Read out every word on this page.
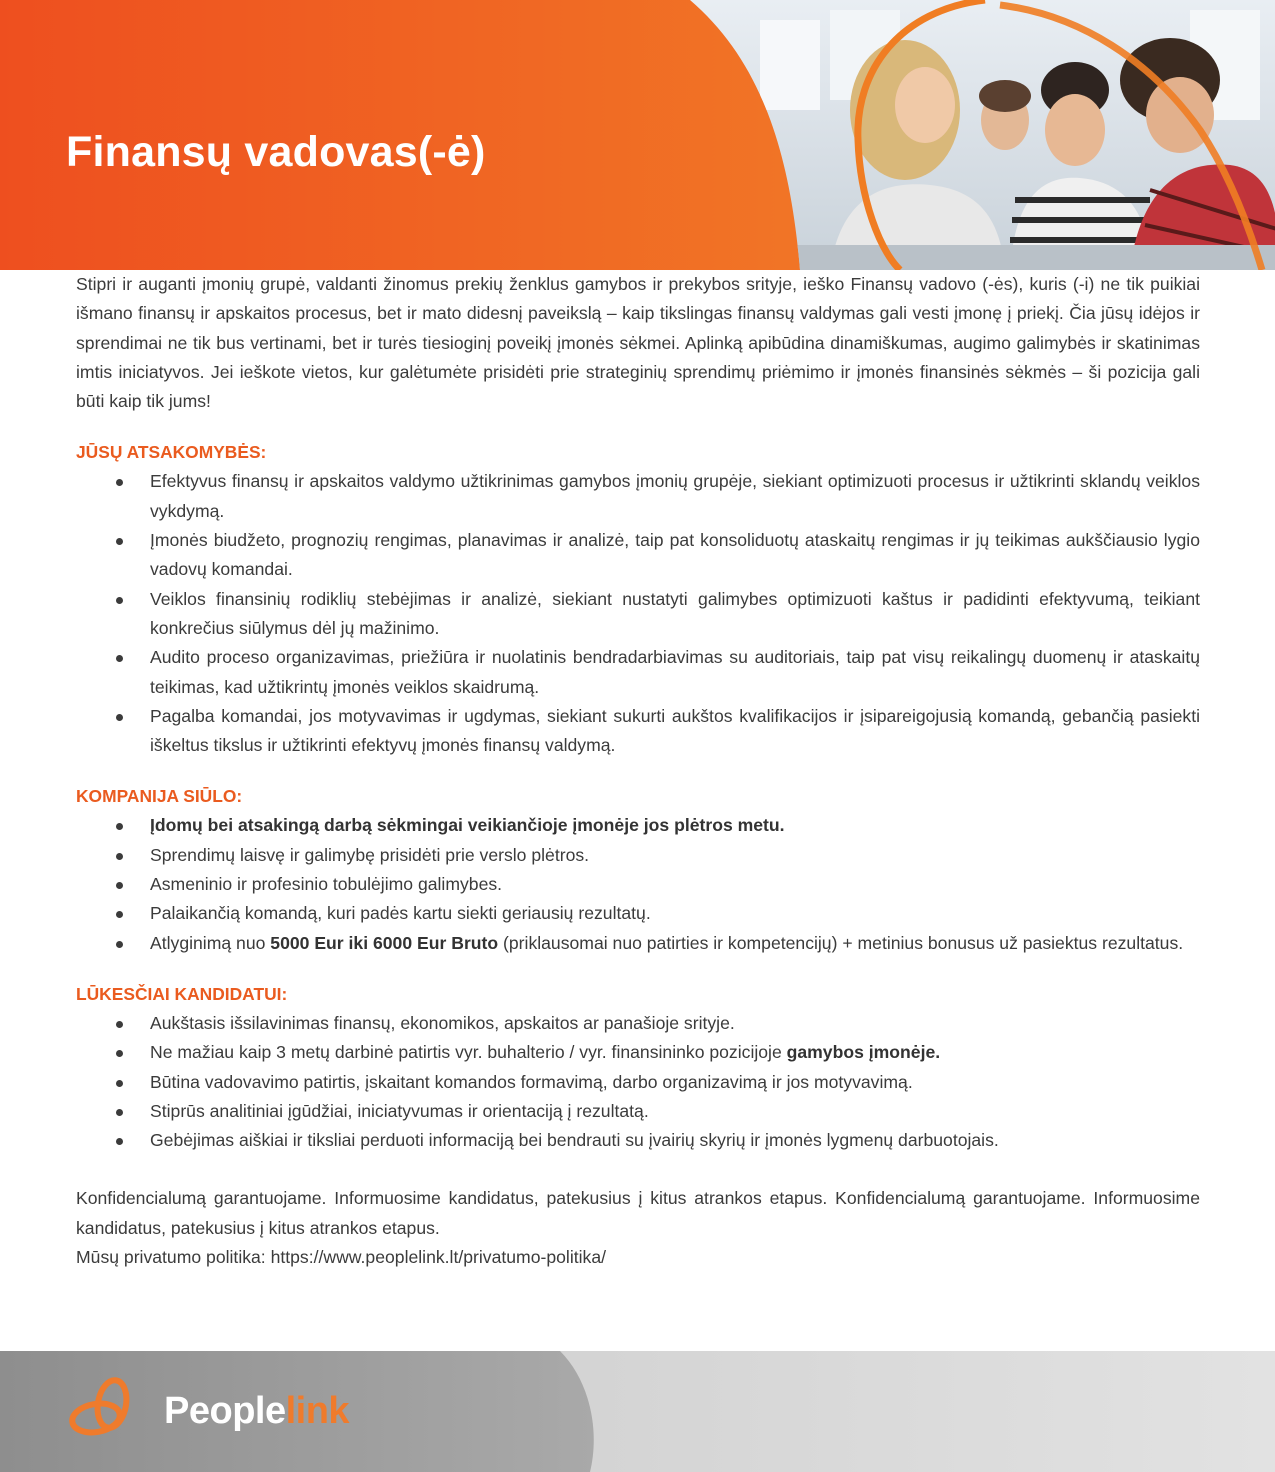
Finansų vadovas(-ė)

Stipri ir auganti įmonių grupė, valdanti žinomus prekių ženklus gamybos ir prekybos srityje, ieško Finansų vadovo (-ės), kuris (-i) ne tik puikiai išmano finansų ir apskaitos procesus, bet ir mato didesnį paveikslą – kaip tikslingas finansų valdymas gali vesti įmonę į priekį. Čia jūsų idėjos ir sprendimai ne tik bus vertinami, bet ir turės tiesioginį poveikį įmonės sėkmei. Aplinką apibūdina dinamiškumas, augimo galimybės ir skatinimas imtis iniciatyvos. Jei ieškote vietos, kur galėtumėte prisidėti prie strateginių sprendimų priėmimo ir įmonės finansinės sėkmės – ši pozicija gali būti kaip tik jums!

JŪSŲ ATSAKOMYBĖS:
Efektyvus finansų ir apskaitos valdymo užtikrinimas gamybos įmonių grupėje, siekiant optimizuoti procesus ir užtikrinti sklandų veiklos vykdymą.
Įmonės biudžeto, prognozių rengimas, planavimas ir analizė, taip pat konsoliduotų ataskaitų rengimas ir jų teikimas aukščiausio lygio vadovų komandai.
Veiklos finansinių rodiklių stebėjimas ir analizė, siekiant nustatyti galimybes optimizuoti kaštus ir padidinti efektyvumą, teikiant konkrečius siūlymus dėl jų mažinimo.
Audito proceso organizavimas, priežiūra ir nuolatinis bendradarbiavimas su auditoriais, taip pat visų reikalingų duomenų ir ataskaitų teikimas, kad užtikrintų įmonės veiklos skaidrumą.
Pagalba komandai, jos motyvavimas ir ugdymas, siekiant sukurti aukštos kvalifikacijos ir įsipareigojusią komandą, gebančią pasiekti iškeltus tikslus ir užtikrinti efektyvų įmonės finansų valdymą.
KOMPANIJA SIŪLO:
Įdomų bei atsakingą darbą sėkmingai veikiančioje įmonėje jos plėtros metu.
Sprendimų laisvę ir galimybę prisidėti prie verslo plėtros.
Asmeninio ir profesinio tobulėjimo galimybes.
Palaikančią komandą, kuri padės kartu siekti geriausių rezultatų.
Atlyginimą nuo 5000 Eur iki 6000 Eur Bruto (priklausomai nuo patirties ir kompetencijų) + metinius bonusus už pasiektus rezultatus.
LŪKESČIAI KANDIDATUI:
Aukštasis išsilavinimas finansų, ekonomikos, apskaitos ar panašioje srityje.
Ne mažiau kaip 3 metų darbinė patirtis vyr. buhalterio / vyr. finansininko pozicijoje gamybos įmonėje.
Būtina vadovavimo patirtis, įskaitant komandos formavimą, darbo organizavimą ir jos motyvavimą.
Stiprūs analitiniai įgūdžiai, iniciatyvumas ir orientaciją į rezultatą.
Gebėjimas aiškiai ir tiksliai perduoti informaciją bei bendrauti su įvairių skyrių ir įmonės lygmenų darbuotojais.

Konfidencialumą garantuojame. Informuosime kandidatus, patekusius į kitus atrankos etapus. Konfidencialumą garantuojame. Informuosime kandidatus, patekusius į kitus atrankos etapus.

Mūsų privatumo politika: https://www.peoplelink.lt/privatumo-politika/

Peoplelink
